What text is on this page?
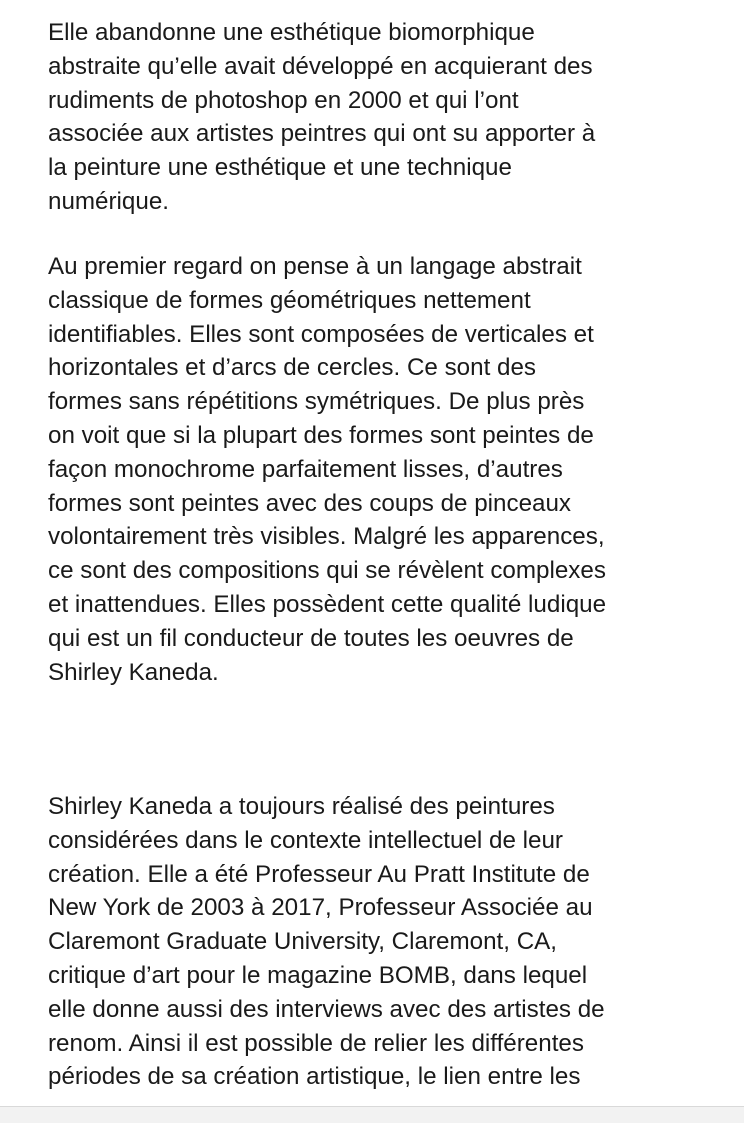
Elle abandonne une esthétique biomorphique
abstraite qu’elle avait développé en acquierant des
rudiments de photoshop en 2000 et qui l’ont
associée aux artistes peintres qui ont su apporter à
la peinture une esthétique et une technique
numérique.

Au premier regard on pense à un langage abstrait
classique de formes géométriques nettement
identifiables. Elles sont composées de verticales et
horizontales et d’arcs de cercles. Ce sont des
formes sans répétitions symétriques. De plus près
on voit que si la plupart des formes sont peintes de
façon monochrome parfaitement lisses, d’autres
formes sont peintes avec des coups de pinceaux
volontairement très visibles. Malgré les apparences,
ce sont des compositions qui se révèlent complexes
et inattendues. Elles possèdent cette qualité ludique
qui est un fil conducteur de toutes les oeuvres de
Shirley Kaneda.

Shirley Kaneda a toujours réalisé des peintures
considérées dans le contexte intellectuel de leur
création. Elle a été Professeur Au Pratt Institute de
New York de 2003 à 2017, Professeur Associée au
Claremont Graduate University, Claremont, CA,
critique d’art pour le magazine BOMB, dans lequel
elle donne aussi des interviews avec des artistes de
renom. Ainsi il est possible de relier les différentes
périodes de sa création artistique, le lien entre les
